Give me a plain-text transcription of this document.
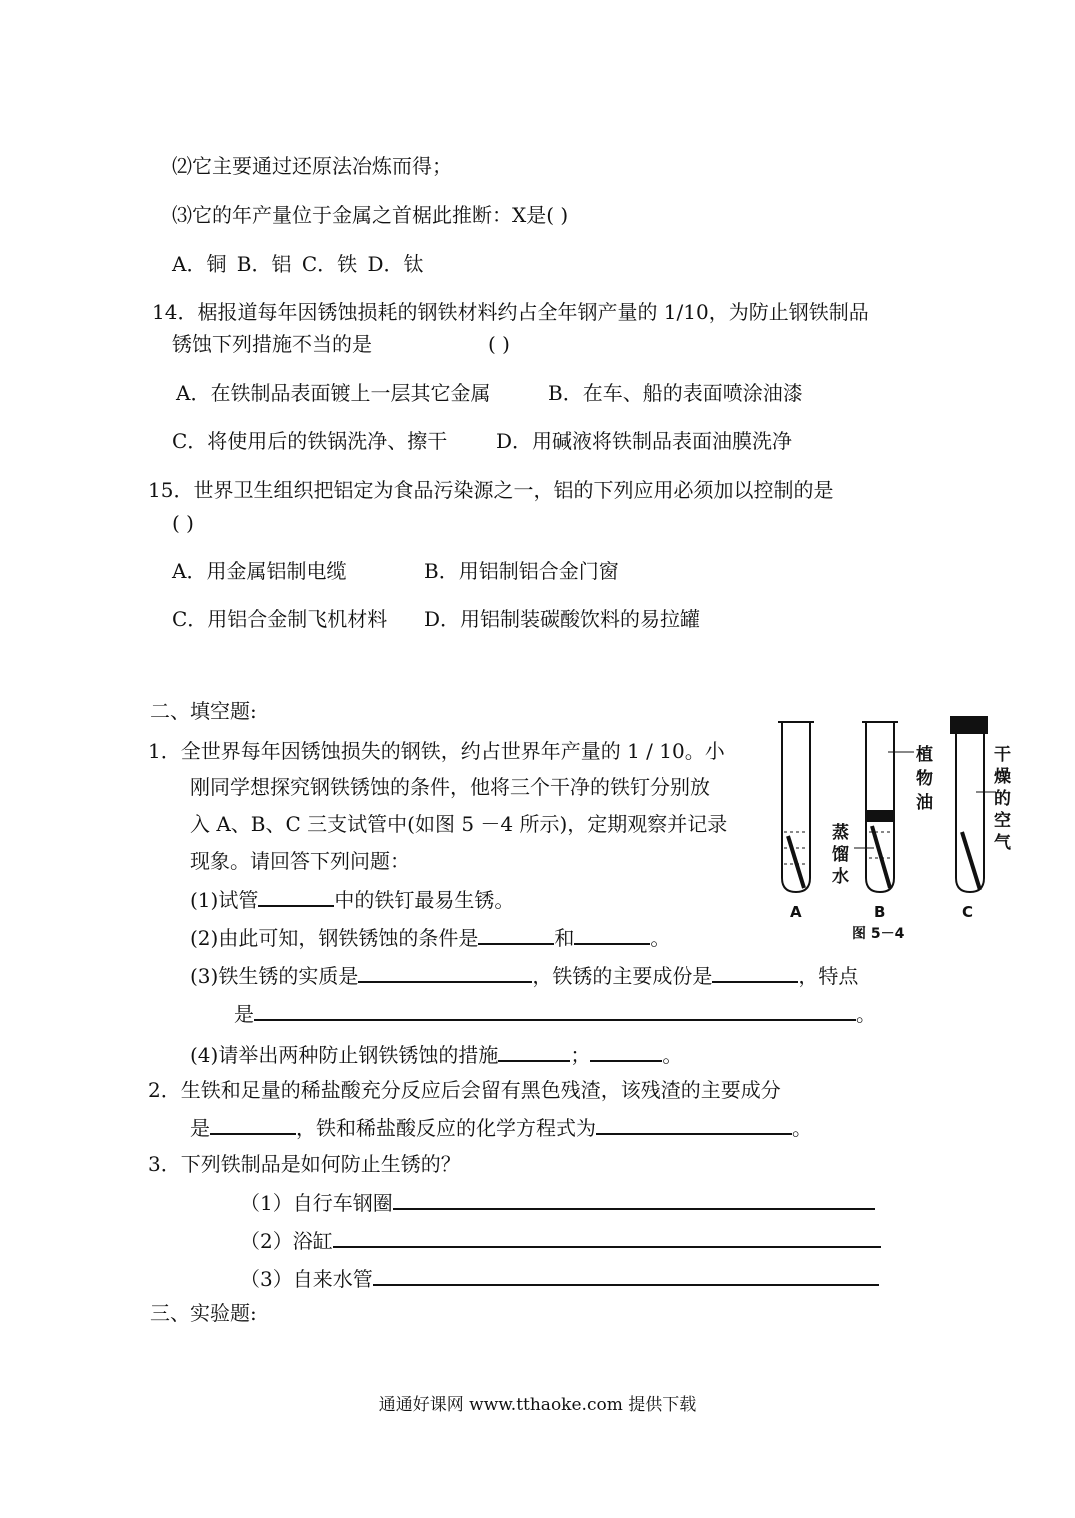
⑵它主要通过还原法冶炼而得；
⑶它的年产量位于金属之首椐此推断：X是( )
A．铜 B．铝 C．铁 D．钛
14．椐报道每年因锈蚀损耗的钢铁材料约占全年钢产量的 1/10，为防止钢铁制品
锈蚀下列措施不当的是	( )
A．在铁制品表面镀上一层其它金属	B．在车、船的表面喷涂油漆
C．将使用后的铁锅洗净、擦干 D．用碱液将铁制品表面油膜洗净
15．世界卫生组织把铝定为食品污染源之一，铝的下列应用必须加以控制的是
( )
A．用金属铝制电缆	B．用铝制铝合金门窗
C．用铝合金制飞机材料 D．用铝制装碳酸饮料的易拉罐
二、填空题:
1．全世界每年因锈蚀损失的钢铁，约占世界年产量的 1 / 10。小
刚同学想探究钢铁锈蚀的条件，他将三个干净的铁钉分别放
入 A、B、C 三支试管中(如图 5 －4 所示)，定期观察并记录
现象。请回答下列问题：
(1)试管	中的铁钉最易生锈。
(2)由此可知，钢铁锈蚀的条件是	和	。
(3)铁生锈的实质是	，铁锈的主要成份是	，特点
是	。
(4)请举出两种防止钢铁锈蚀的措施	；	。
2．生铁和足量的稀盐酸充分反应后会留有黑色残渣，该残渣的主要成分
是	，铁和稀盐酸反应的化学方程式为	。
3．下列铁制品是如何防止生锈的？
（1）自行车钢圈
（2）浴缸
（3）自来水管
三、实验题:
A	B	C
蒸
馏
水
植
物
油
干
燥
的
空
气
图 5－4
通通好课网 www.tthaoke.com 提供下载
